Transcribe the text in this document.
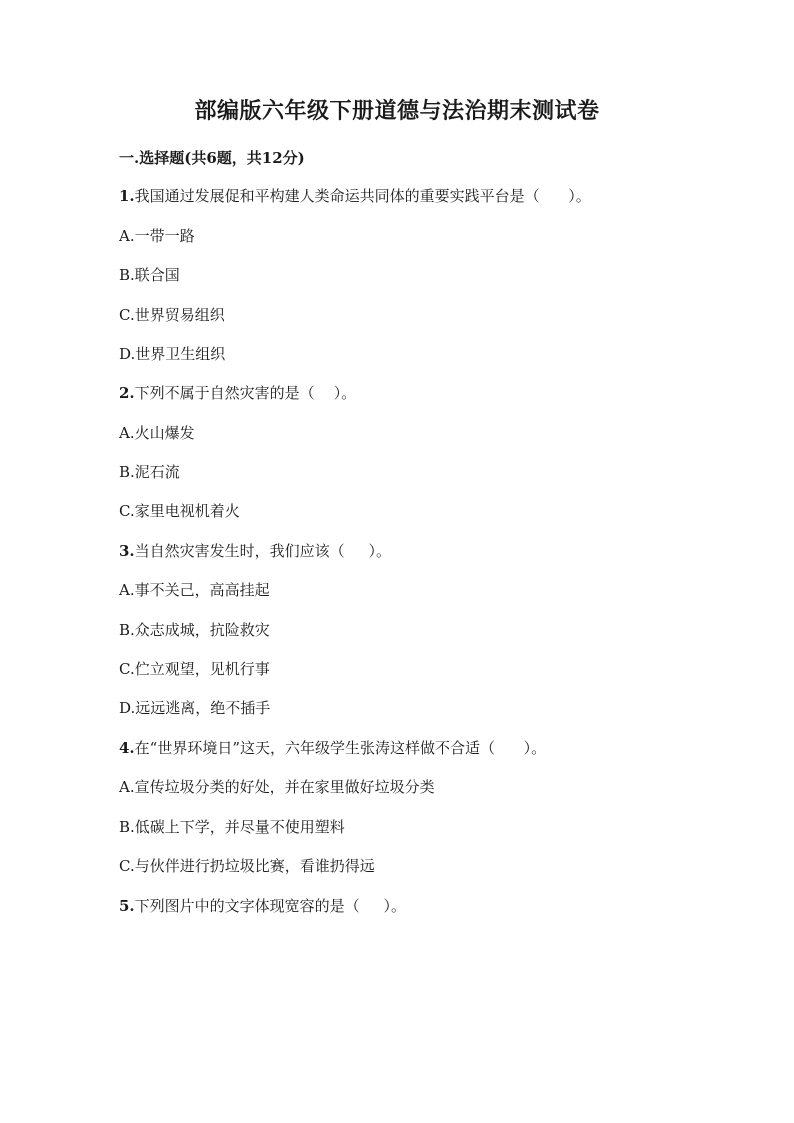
部编版六年级下册道德与法治期末测试卷
一.选择题(共6题，共12分)
1.我国通过发展促和平构建人类命运共同体的重要实践平台是（      ）。
A.一带一路
B.联合国
C.世界贸易组织
D.世界卫生组织
2.下列不属于自然灾害的是（    ）。
A.火山爆发
B.泥石流
C.家里电视机着火
3.当自然灾害发生时，我们应该（     ）。
A.事不关己，高高挂起
B.众志成城，抗险救灾
C.伫立观望，见机行事
D.远远逃离，绝不插手
4.在“世界环境日”这天，六年级学生张涛这样做不合适（      ）。
A.宣传垃圾分类的好处，并在家里做好垃圾分类
B.低碳上下学，并尽量不使用塑料
C.与伙伴进行扔垃圾比赛，看谁扔得远
5.下列图片中的文字体现宽容的是（     ）。
